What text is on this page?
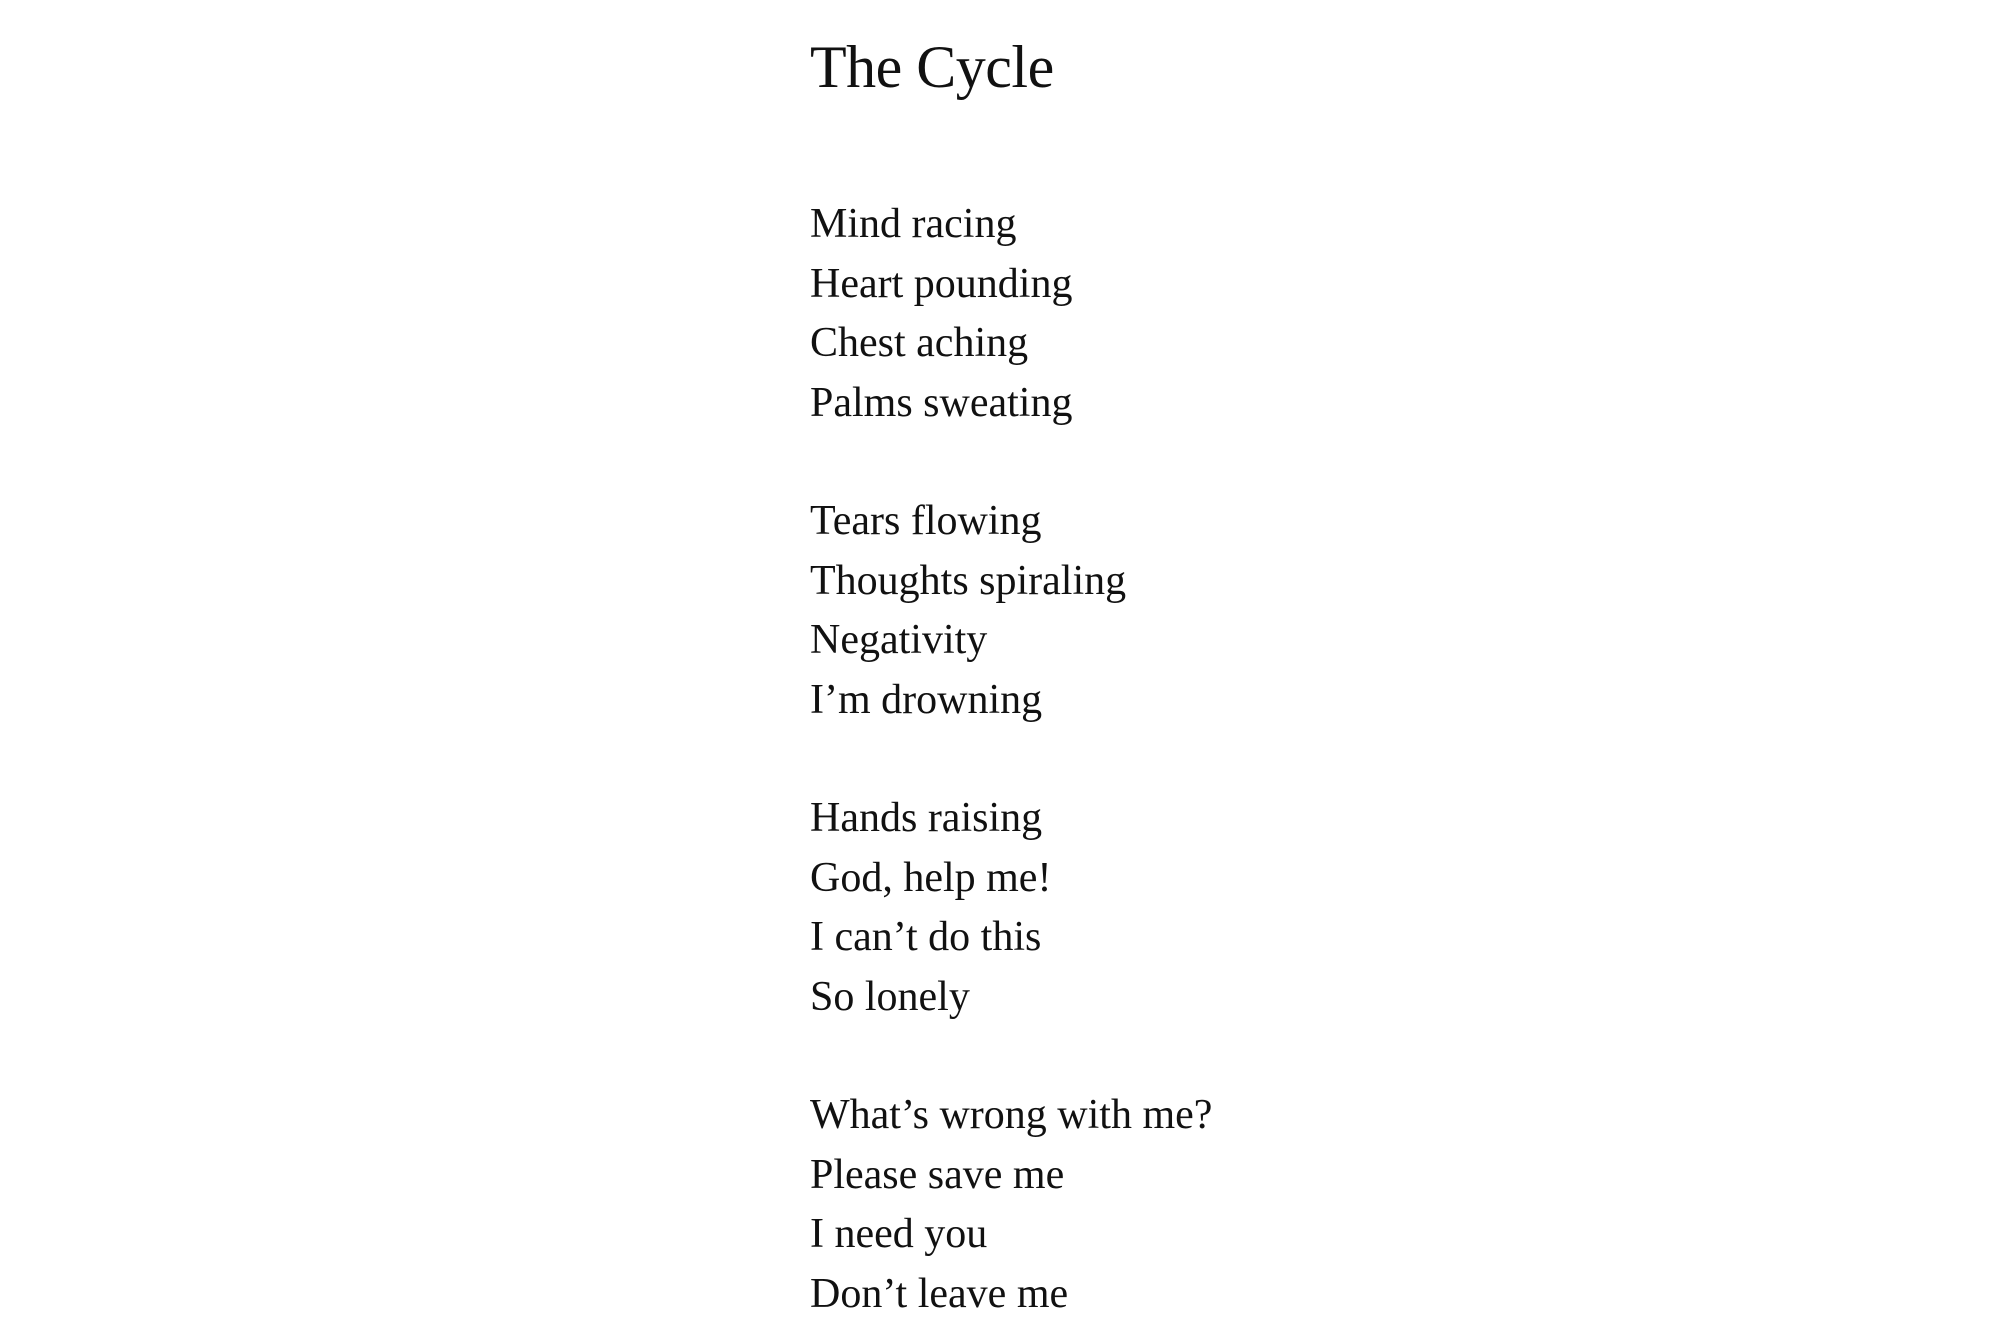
The Cycle
Mind racing
Heart pounding
Chest aching
Palms sweating
Tears flowing
Thoughts spiraling
Negativity
I’m drowning
Hands raising
God, help me!
I can’t do this
So lonely
What’s wrong with me?
Please save me
I need you
Don’t leave me
